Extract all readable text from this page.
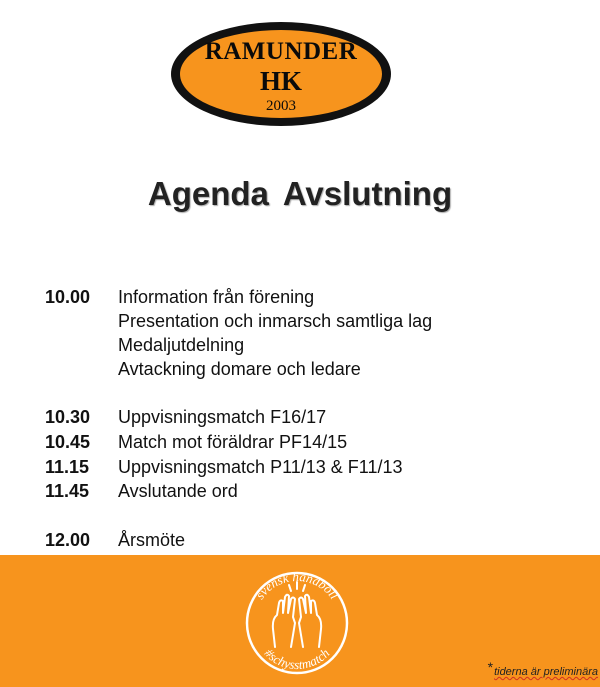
RAMUNDER
HK
2003
Agenda Avslutning
10.00 Information från förening
Presentation och inmarsch samtliga lag
Medaljutdelning
Avtackning domare och ledare
10.30 Uppvisningsmatch F16/17
10.45 Match mot föräldrar PF14/15
11.15 Uppvisningsmatch P11/13 & F11/13
11.45 Avslutande ord
12.00 Årsmöte
svensk handboll
#schysstmatch
*tiderna är preliminära
